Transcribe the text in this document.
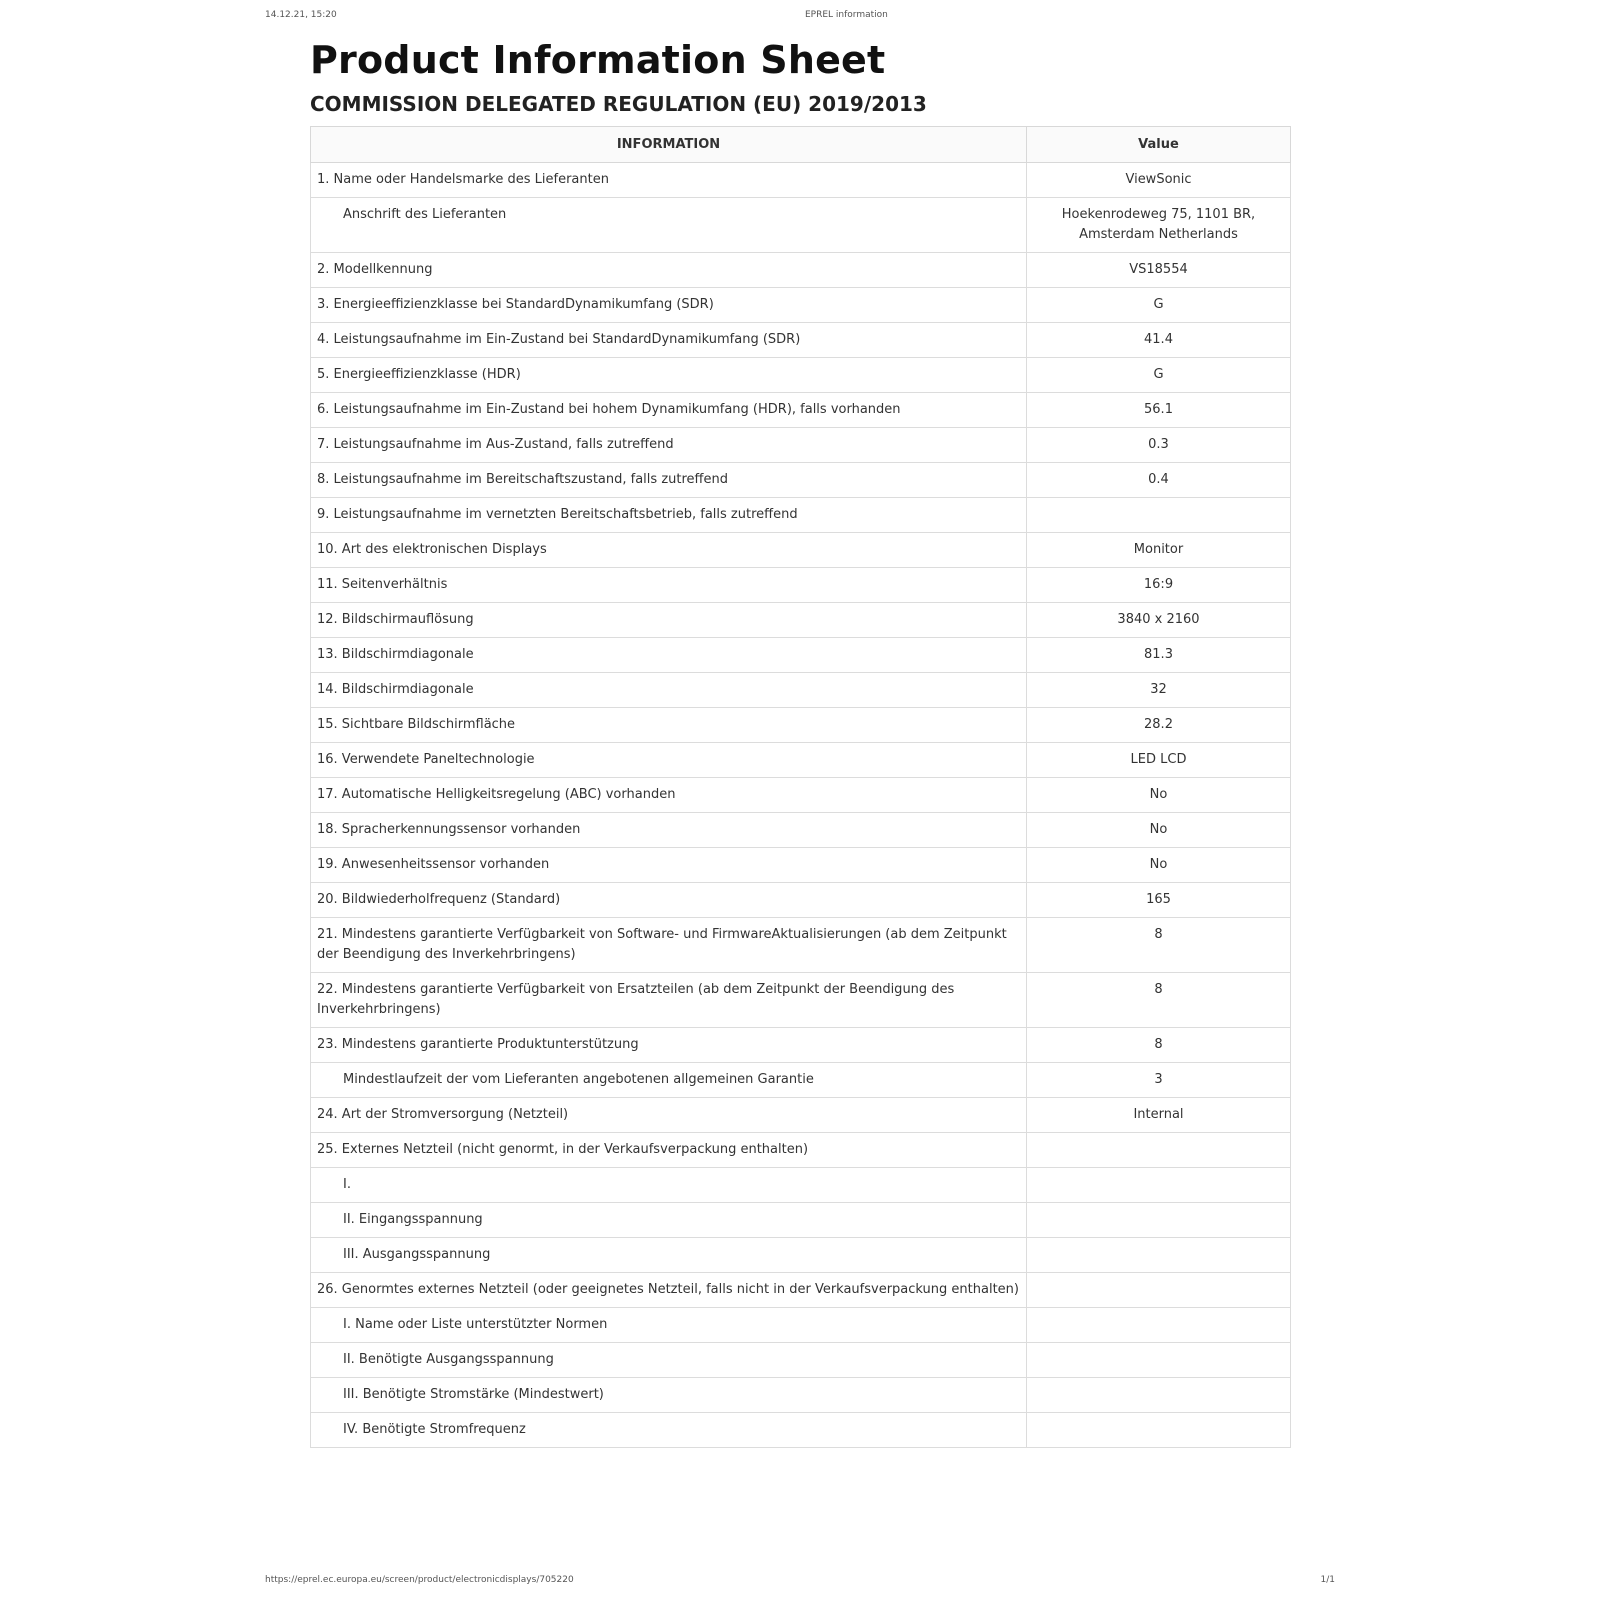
14.12.21, 15:20	EPREL information
Product Information Sheet
COMMISSION DELEGATED REGULATION (EU) 2019/2013
INFORMATION	Value
1. Name oder Handelsmarke des Lieferanten	ViewSonic
Anschrift des Lieferanten	Hoekenrodeweg 75, 1101 BR, Amsterdam Netherlands
2. Modellkennung	VS18554
3. Energieeffizienzklasse bei StandardDynamikumfang (SDR)	G
4. Leistungsaufnahme im Ein-Zustand bei StandardDynamikumfang (SDR)	41.4
5. Energieeffizienzklasse (HDR)	G
6. Leistungsaufnahme im Ein-Zustand bei hohem Dynamikumfang (HDR), falls vorhanden	56.1
7. Leistungsaufnahme im Aus-Zustand, falls zutreffend	0.3
8. Leistungsaufnahme im Bereitschaftszustand, falls zutreffend	0.4
9. Leistungsaufnahme im vernetzten Bereitschaftsbetrieb, falls zutreffend	
10. Art des elektronischen Displays	Monitor
11. Seitenverhältnis	16:9
12. Bildschirmauflösung	3840 x 2160
13. Bildschirmdiagonale	81.3
14. Bildschirmdiagonale	32
15. Sichtbare Bildschirmfläche	28.2
16. Verwendete Paneltechnologie	LED LCD
17. Automatische Helligkeitsregelung (ABC) vorhanden	No
18. Spracherkennungssensor vorhanden	No
19. Anwesenheitssensor vorhanden	No
20. Bildwiederholfrequenz (Standard)	165
21. Mindestens garantierte Verfügbarkeit von Software- und FirmwareAktualisierungen (ab dem Zeitpunkt der Beendigung des Inverkehrbringens)	8
22. Mindestens garantierte Verfügbarkeit von Ersatzteilen (ab dem Zeitpunkt der Beendigung des Inverkehrbringens)	8
23. Mindestens garantierte Produktunterstützung	8
Mindestlaufzeit der vom Lieferanten angebotenen allgemeinen Garantie	3
24. Art der Stromversorgung (Netzteil)	Internal
25. Externes Netzteil (nicht genormt, in der Verkaufsverpackung enthalten)	
I.	
II. Eingangsspannung	
III. Ausgangsspannung	
26. Genormtes externes Netzteil (oder geeignetes Netzteil, falls nicht in der Verkaufsverpackung enthalten)	
I. Name oder Liste unterstützter Normen	
II. Benötigte Ausgangsspannung	
III. Benötigte Stromstärke (Mindestwert)	
IV. Benötigte Stromfrequenz	
https://eprel.ec.europa.eu/screen/product/electronicdisplays/705220	1/1
